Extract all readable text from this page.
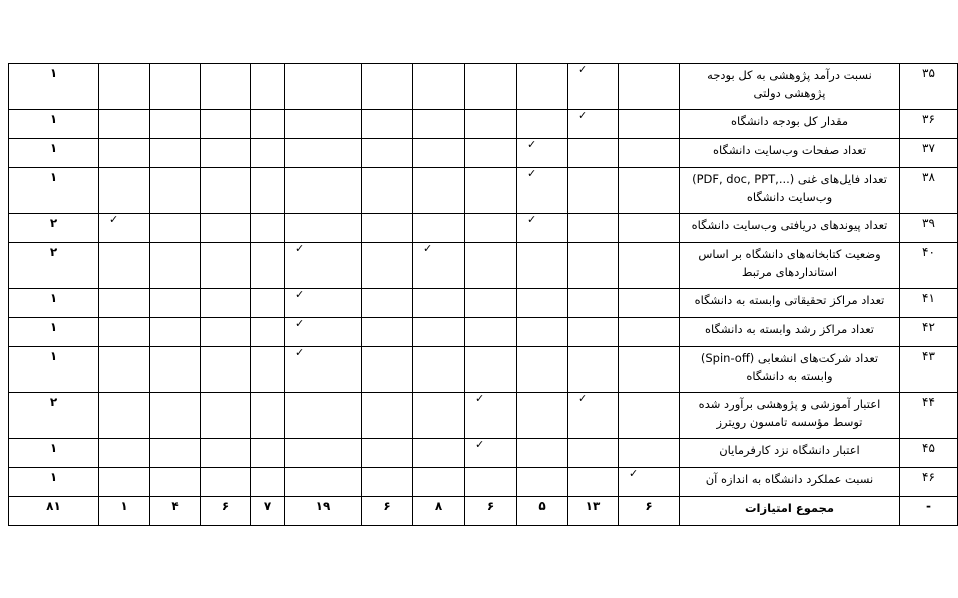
۳۵	نسبت درآمد پژوهشی به کل بودجه پژوهشی دولتی		✓										۱
۳۶	مقدار کل بودجه دانشگاه		✓										۱
۳۷	تعداد صفحات وب‌سایت دانشگاه			✓									۱
۳۸	تعداد فایل‌های غنی (...,PDF, doc, PPT) وب‌سایت دانشگاه			✓									۱
۳۹	تعداد پیوندهای دریافتی وب‌سایت دانشگاه			✓								✓	۲
۴۰	وضعیت کتابخانه‌های دانشگاه بر اساس استانداردهای مرتبط					✓		✓					۲
۴۱	تعداد مراکز تحقیقاتی وابسته به دانشگاه							✓					۱
۴۲	تعداد مراکز رشد وابسته به دانشگاه							✓					۱
۴۳	تعداد شرکت‌های انشعابی (Spin-off) وابسته به دانشگاه							✓					۱
۴۴	اعتبار آموزشی و پژوهشی برآورد شده توسط مؤسسه تامسون رویترز		✓		✓								۲
۴۵	اعتبار دانشگاه نزد کارفرمایان				✓								۱
۴۶	نسبت عملکرد دانشگاه به اندازه آن	✓											۱
-	مجموع امتیازات	۶	۱۳	۵	۶	۸	۶	۱۹	۷	۶	۴	۱	۸۱
